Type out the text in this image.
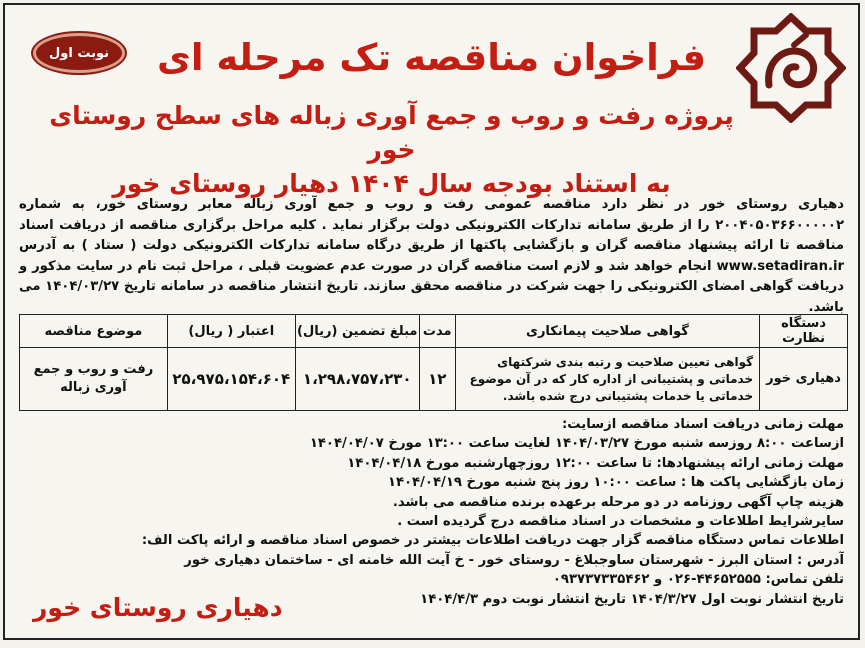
نوبت اول	فراخوان مناقصه تک مرحله ای
پروژه رفت و روب و جمع آوری زباله های سطح روستای خور
به استناد بودجه سال ۱۴۰۴ دهیار روستای خور
دهیاری روستای خور در نظر دارد مناقصه عمومی رفت و روب و جمع آوری زباله معابر روستای خور، به شماره ۲۰۰۴۰۵۰۳۶۶۰۰۰۰۰۲ را از طریق سامانه تدارکات الکترونیکی دولت برگزار نماید . کلیه مراحل برگزاری مناقصه از دریافت اسناد مناقصه تا ارائه پیشنهاد مناقصه گران و بازگشایی پاکتها از طریق درگاه سامانه تدارکات الکترونیکی دولت ( ستاد ) به آدرس www.setadiran.ir انجام خواهد شد و لازم است مناقصه گران در صورت عدم عضویت قبلی ، مراحل ثبت نام در سایت مذکور و دریافت گواهی امضای الکترونیکی را جهت شرکت در مناقصه محقق سازند. تاریخ انتشار مناقصه در سامانه تاریخ ۱۴۰۴/۰۳/۲۷ می باشد.
دستگاه نظارت	گواهی صلاحیت پیمانکاری	مدت	مبلغ تضمین (ریال)	اعتبار ( ریال)	موضوع مناقصه
دهیاری خور	گواهی تعیین صلاحیت و رتبه بندی شرکتهای خدماتی و پشتیبانی از اداره کار که در آن موضوع خدماتی یا خدمات پشتیبانی درج شده باشد.	۱۲	۱،۲۹۸،۷۵۷،۲۳۰	۲۵،۹۷۵،۱۵۴،۶۰۴	رفت و روب و جمع آوری زباله
مهلت زمانی دریافت اسناد مناقصه ازسایت:
ازساعت ۸:۰۰ روزسه شنبه مورخ ۱۴۰۴/۰۳/۲۷ لغایت ساعت ۱۳:۰۰ مورخ ۱۴۰۴/۰۴/۰۷
مهلت زمانی ارائه پیشنهادها: تا ساعت ۱۲:۰۰ روزچهارشنبه مورخ ۱۴۰۴/۰۴/۱۸
زمان بازگشایی پاکت ها : ساعت ۱۰:۰۰ روز پنج شنبه مورخ ۱۴۰۴/۰۴/۱۹
هزینه چاپ آگهی روزنامه در دو مرحله برعهده برنده مناقصه می باشد.
سایرشرایط اطلاعات و مشخصات در اسناد مناقصه درج گردیده است .
اطلاعات تماس دستگاه مناقصه گزار جهت دریافت اطلاعات بیشتر در خصوص اسناد مناقصه و ارائه پاکت الف:
آدرس : استان البرز - شهرستان ساوجبلاغ - روستای خور - خ آیت الله خامنه ای - ساختمان دهیاری خور
تلفن تماس: ۴۴۶۵۲۵۵۵-۰۲۶ و ۰۹۳۷۳۷۳۳۵۴۶۲
تاریخ انتشار نوبت اول ۱۴۰۴/۳/۲۷ تاریخ انتشار نوبت دوم ۱۴۰۴/۴/۳
دهیاری روستای خور
